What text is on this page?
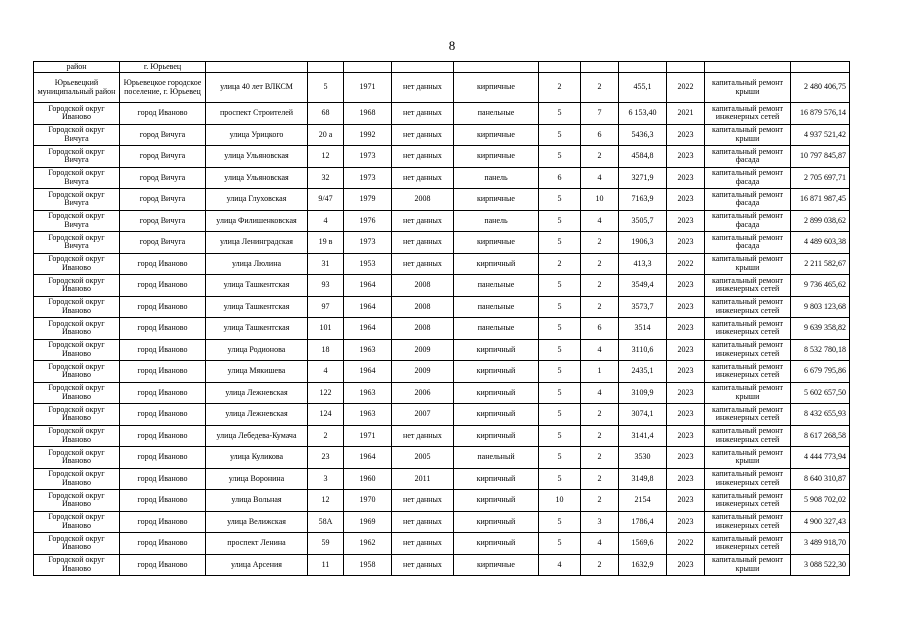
8
район	г. Юрьевец											
Юрьевецкий муниципальный район	Юрьевецкое городское поселение, г. Юрьевец	улица 40 лет ВЛКСМ	5	1971	нет данных	кирпичные	2	2	455,1	2022	капитальный ремонт крыши	2 480 406,75
Городской округ Иваново	город Иваново	проспект Строителей	68	1968	нет данных	панельные	5	7	6 153,40	2021	капитальный ремонт инженерных сетей	16 879 576,14
Городской округ Вичуга	город Вичуга	улица Урицкого	20 а	1992	нет данных	кирпичные	5	6	5436,3	2023	капитальный ремонт крыши	4 937 521,42
Городской округ Вичуга	город Вичуга	улица Ульяновская	12	1973	нет данных	кирпичные	5	2	4584,8	2023	капитальный ремонт фасада	10 797 845,87
Городской округ Вичуга	город Вичуга	улица Ульяновская	32	1973	нет данных	панель	6	4	3271,9	2023	капитальный ремонт фасада	2 705 697,71
Городской округ Вичуга	город Вичуга	улица Глуховская	9/47	1979	2008	кирпичные	5	10	7163,9	2023	капитальный ремонт фасада	16 871 987,45
Городской округ Вичуга	город Вичуга	улица Филишенковская	4	1976	нет данных	панель	5	4	3505,7	2023	капитальный ремонт фасада	2 899 038,62
Городской округ Вичуга	город Вичуга	улица Ленинградская	19 в	1973	нет данных	кирпичные	5	2	1906,3	2023	капитальный ремонт фасада	4 489 603,38
Городской округ Иваново	город Иваново	улица Люлина	31	1953	нет данных	кирпичный	2	2	413,3	2022	капитальный ремонт крыши	2 211 582,67
Городской округ Иваново	город Иваново	улица Ташкентская	93	1964	2008	панельные	5	2	3549,4	2023	капитальный ремонт инженерных сетей	9 736 465,62
Городской округ Иваново	город Иваново	улица Ташкентская	97	1964	2008	панельные	5	2	3573,7	2023	капитальный ремонт инженерных сетей	9 803 123,68
Городской округ Иваново	город Иваново	улица Ташкентская	101	1964	2008	панельные	5	6	3514	2023	капитальный ремонт инженерных сетей	9 639 358,82
Городской округ Иваново	город Иваново	улица Родионова	18	1963	2009	кирпичный	5	4	3110,6	2023	капитальный ремонт инженерных сетей	8 532 780,18
Городской округ Иваново	город Иваново	улица Мякишева	4	1964	2009	кирпичный	5	1	2435,1	2023	капитальный ремонт инженерных сетей	6 679 795,86
Городской округ Иваново	город Иваново	улица Лежневская	122	1963	2006	кирпичный	5	4	3109,9	2023	капитальный ремонт крыши	5 602 657,50
Городской округ Иваново	город Иваново	улица Лежневская	124	1963	2007	кирпичный	5	2	3074,1	2023	капитальный ремонт инженерных сетей	8 432 655,93
Городской округ Иваново	город Иваново	улица Лебедева-Кумача	2	1971	нет данных	кирпичный	5	2	3141,4	2023	капитальный ремонт инженерных сетей	8 617 268,58
Городской округ Иваново	город Иваново	улица Куликова	23	1964	2005	панельный	5	2	3530	2023	капитальный ремонт крыши	4 444 773,94
Городской округ Иваново	город Иваново	улица Воронина	3	1960	2011	кирпичный	5	2	3149,8	2023	капитальный ремонт инженерных сетей	8 640 310,87
Городской округ Иваново	город Иваново	улица Вольная	12	1970	нет данных	кирпичный	10	2	2154	2023	капитальный ремонт инженерных сетей	5 908 702,02
Городской округ Иваново	город Иваново	улица Велижская	58А	1969	нет данных	кирпичный	5	3	1786,4	2023	капитальный ремонт инженерных сетей	4 900 327,43
Городской округ Иваново	город Иваново	проспект Ленина	59	1962	нет данных	кирпичный	5	4	1569,6	2022	капитальный ремонт инженерных сетей	3 489 918,70
Городской округ Иваново	город Иваново	улица Арсения	11	1958	нет данных	кирпичные	4	2	1632,9	2023	капитальный ремонт крыши	3 088 522,30
